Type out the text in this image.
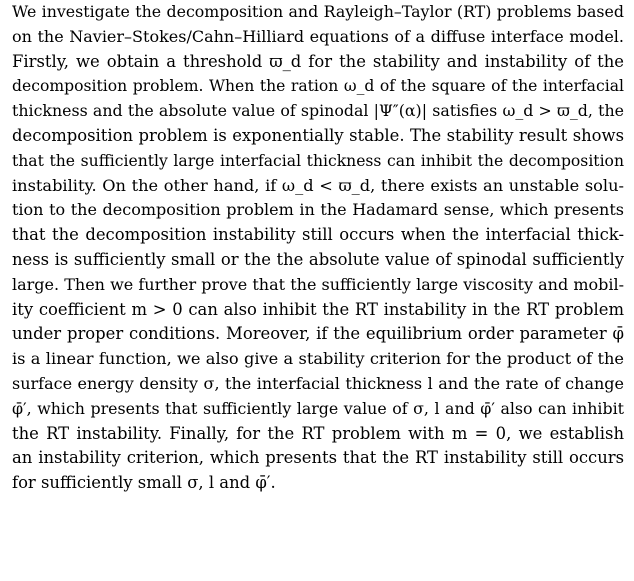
We investigate the decomposition and Rayleigh–Taylor (RT) problems based
on the Navier–Stokes/Cahn–Hilliard equations of a diffuse interface model.
Firstly, we obtain a threshold ϖ_d for the stability and instability of the
decomposition problem. When the ration ω_d of the square of the interfacial
thickness and the absolute value of spinodal |Ψ″(α)| satisfies ω_d > ϖ_d, the
decomposition problem is exponentially stable. The stability result shows
that the sufficiently large interfacial thickness can inhibit the decomposition
instability. On the other hand, if ω_d < ϖ_d, there exists an unstable solu-
tion to the decomposition problem in the Hadamard sense, which presents
that the decomposition instability still occurs when the interfacial thick-
ness is sufficiently small or the the absolute value of spinodal sufficiently
large. Then we further prove that the sufficiently large viscosity and mobil-
ity coefficient m > 0 can also inhibit the RT instability in the RT problem
under proper conditions. Moreover, if the equilibrium order parameter φ̄
is a linear function, we also give a stability criterion for the product of the
surface energy density σ, the interfacial thickness l and the rate of change
φ̄′, which presents that sufficiently large value of σ, l and φ̄′ also can inhibit
the RT instability. Finally, for the RT problem with m = 0, we establish
an instability criterion, which presents that the RT instability still occurs
for sufficiently small σ, l and φ̄′.
